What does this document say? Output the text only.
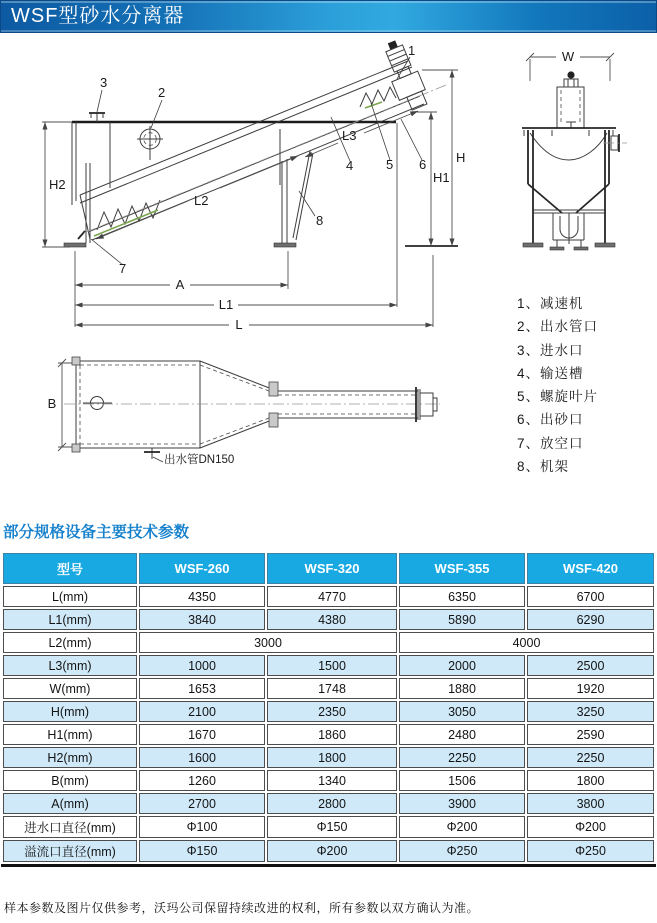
WSF型砂水分离器
1
2
3
4	5 6
7
8
H2
H
H1
L2
L3
A
L1
L
W
B
出水管DN150
1、减速机
2、出水管口
3、进水口
4、输送槽
5、螺旋叶片
6、出砂口
7、放空口
8、机架
部分规格设备主要技术参数
型号	WSF-260	WSF-320	WSF-355	WSF-420
L(mm)	4350	4770	6350	6700
L1(mm)	3840	4380	5890	6290
L2(mm)	3000		4000	
L3(mm)	1000	1500	2000	2500
W(mm)	1653	1748	1880	1920
H(mm)	2100	2350	3050	3250
H1(mm)	1670	1860	2480	2590
H2(mm)	1600	1800	2250	2250
B(mm)	1260	1340	1506	1800
A(mm)	2700	2800	3900	3800
进水口直径(mm)	Φ100	Φ150	Φ200	Φ200
溢流口直径(mm)	Φ150	Φ200	Φ250	Φ250
样本参数及图片仅供参考，沃玛公司保留持续改进的权利，所有参数以双方确认为准。
